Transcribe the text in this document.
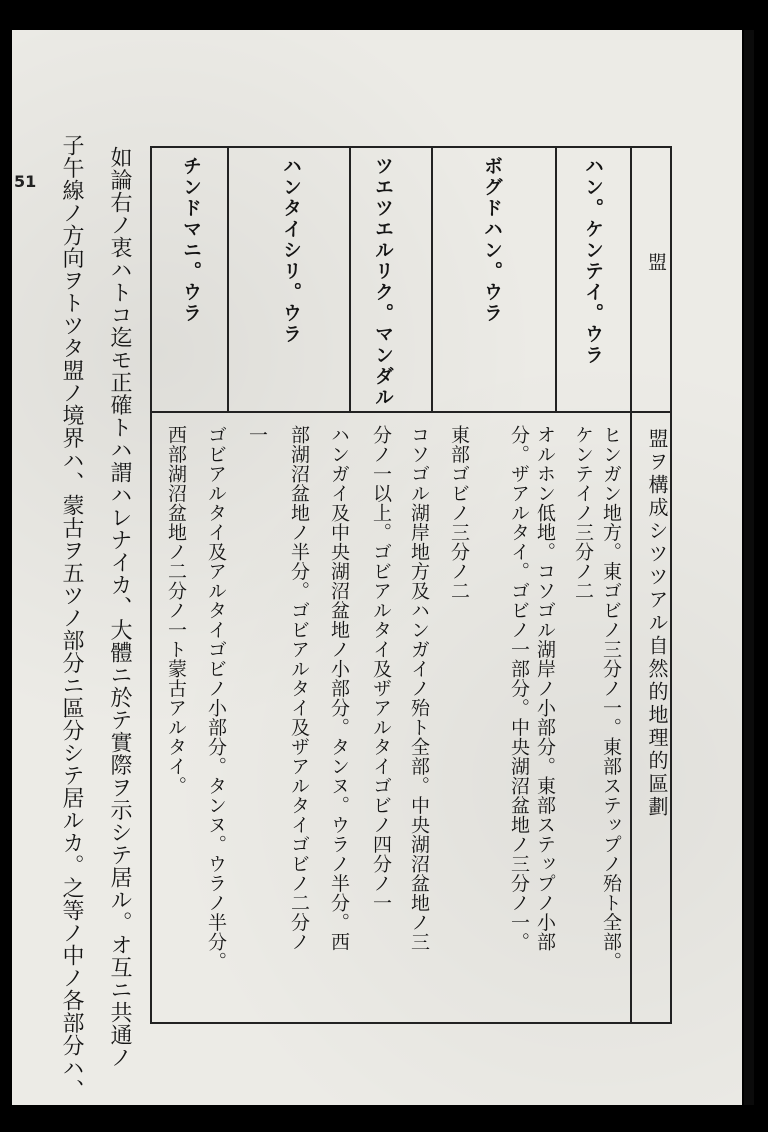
51
盟
盟ヲ構成シツツアル自然的地理的區劃
ハン。ケンテイ。ウラ
ボグドハン。ウラ
ツエツエルリク。マンダル
ハンタイシリ。ウラ
チンドマニ。ウラ
ヒンガン地方。東ゴビノ三分ノ一。東部ステップノ殆ト全部。
ケンテイノ三分ノ二
オルホン低地。コソゴル湖岸ノ小部分。東部ステップノ小部
分。ザアルタイ。ゴビノ一部分。中央湖沼盆地ノ三分ノ一。
東部ゴビノ三分ノ二
コソゴル湖岸地方及ハンガイノ殆ト全部。中央湖沼盆地ノ三
分ノ一以上。ゴビアルタイ及ザアルタイゴビノ四分ノ一
ハンガイ及中央湖沼盆地ノ小部分。タンヌ。ウラノ半分。西
部湖沼盆地ノ半分。ゴビアルタイ及ザアルタイゴビノ二分ノ
一
ゴビアルタイ及アルタイゴビノ小部分。タンヌ。ウラノ半分。
西部湖沼盆地ノ二分ノ一ト蒙古アルタイ。
如論右ノ衷ハトコ迄モ正確トハ謂ハレナイカ、大體ニ於テ實際ヲ示シテ居ル。オ互ニ共通ノ
子午線ノ方向ヲトツタ盟ノ境界ハ、蒙古ヲ五ツノ部分ニ區分シテ居ルカ。之等ノ中ノ各部分ハ、
